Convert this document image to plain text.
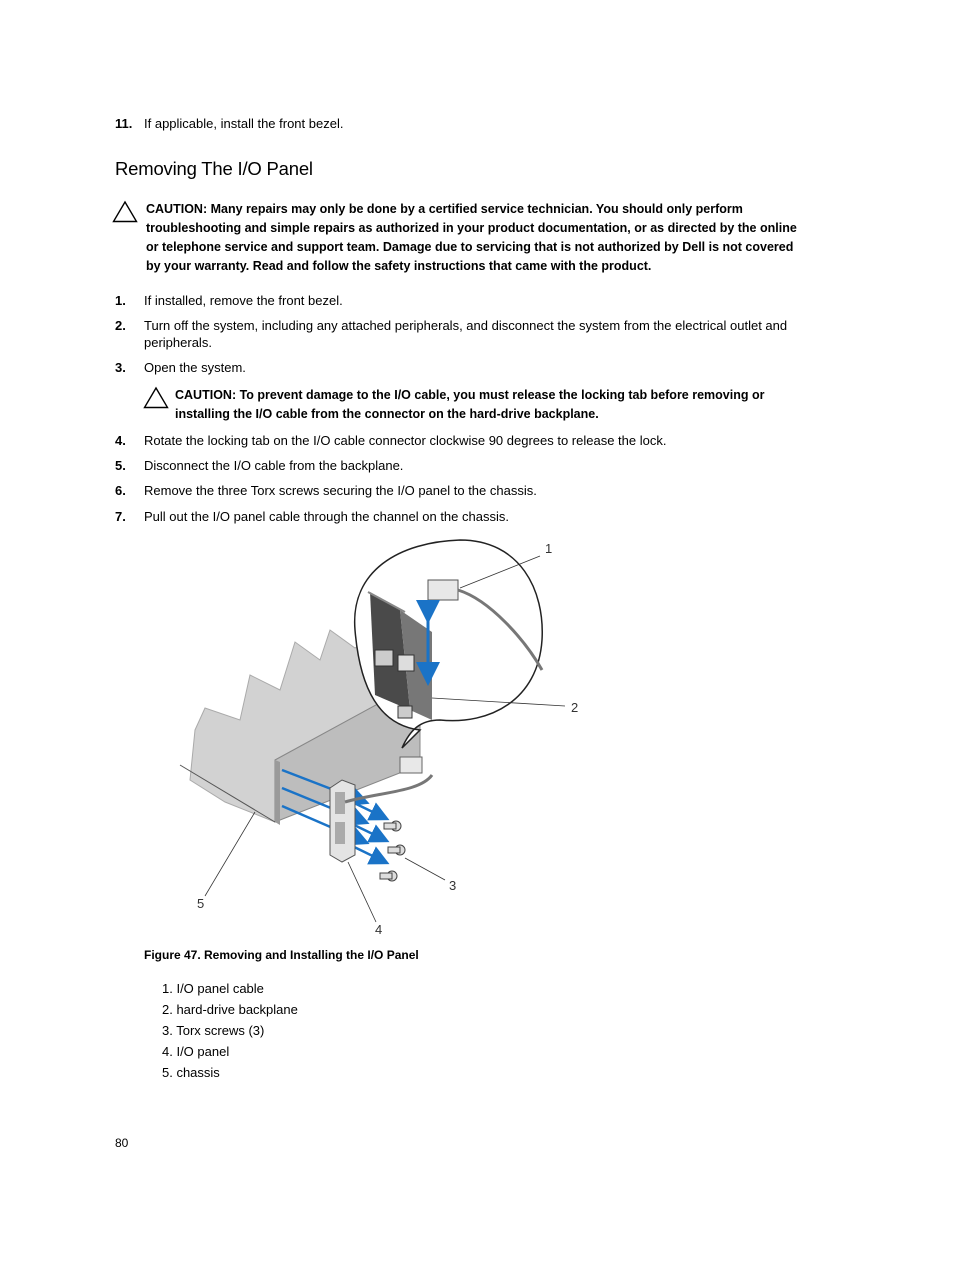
11. If applicable, install the front bezel.
Removing The I/O Panel
CAUTION: Many repairs may only be done by a certified service technician. You should only perform troubleshooting and simple repairs as authorized in your product documentation, or as directed by the online or telephone service and support team. Damage due to servicing that is not authorized by Dell is not covered by your warranty. Read and follow the safety instructions that came with the product.
1.	If installed, remove the front bezel.
2.	Turn off the system, including any attached peripherals, and disconnect the system from the electrical outlet and peripherals.
3.	Open the system.
CAUTION: To prevent damage to the I/O cable, you must release the locking tab before removing or installing the I/O cable from the connector on the hard-drive backplane.
4.	Rotate the locking tab on the I/O cable connector clockwise 90 degrees to release the lock.
5.	Disconnect the I/O cable from the backplane.
6.	Remove the three Torx screws securing the I/O panel to the chassis.
7.	Pull out the I/O panel cable through the channel on the chassis.
1
2
3
4
5
Figure 47. Removing and Installing the I/O Panel
1. I/O panel cable
2. hard-drive backplane
3. Torx screws (3)
4. I/O panel
5. chassis
80
